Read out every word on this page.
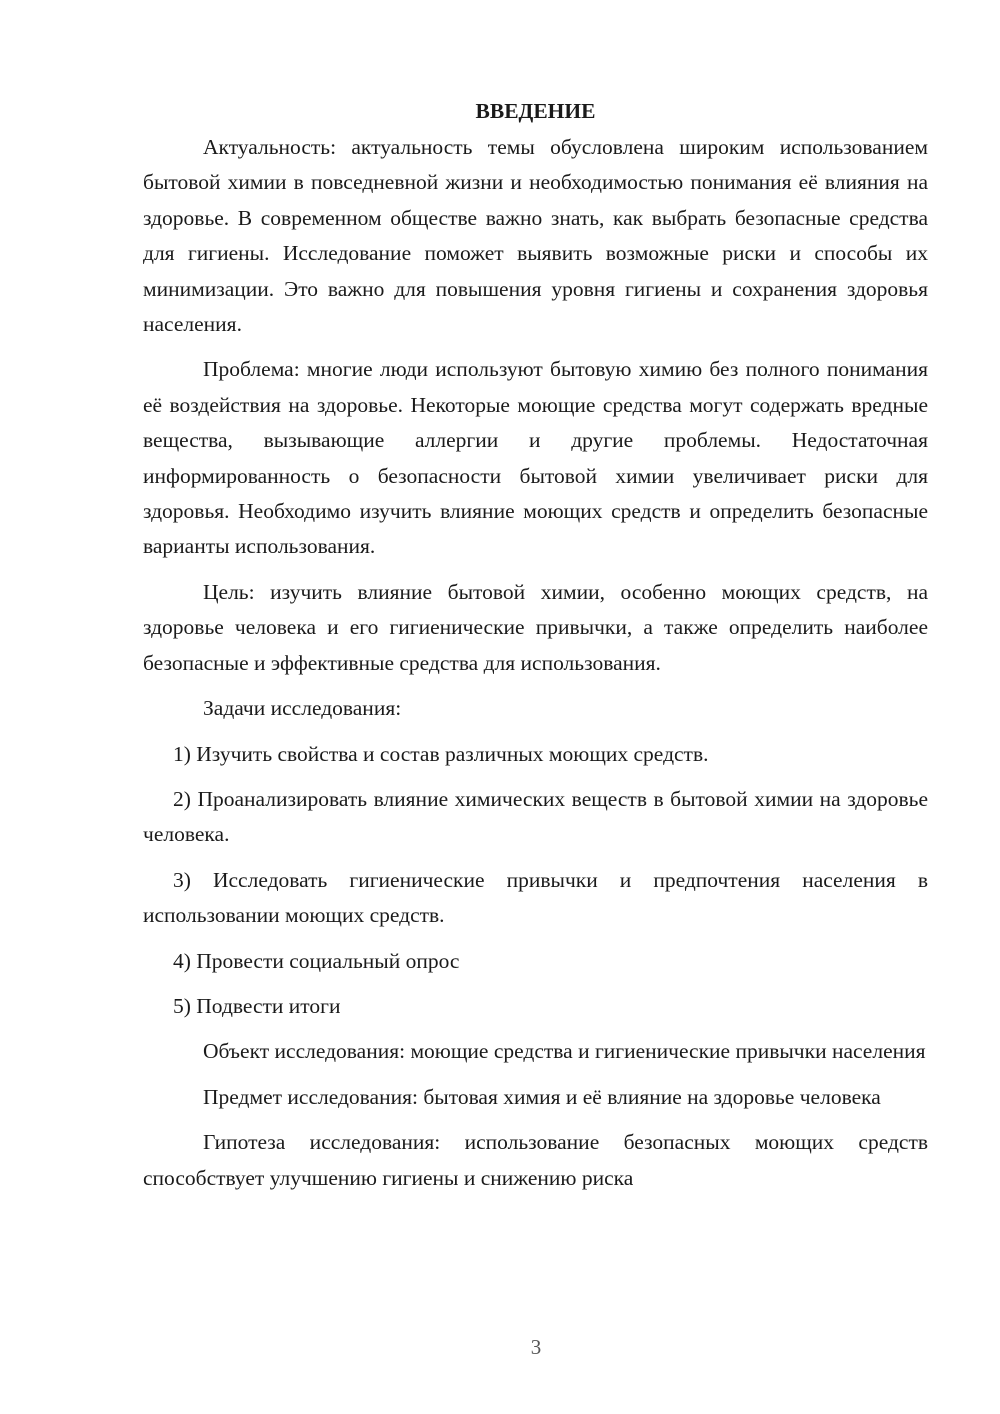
ВВЕДЕНИЕ

Актуальность: актуальность темы обусловлена широким использованием бытовой химии в повседневной жизни и необходимостью понимания её влияния на здоровье. В современном обществе важно знать, как выбрать безопасные средства для гигиены. Исследование поможет выявить возможные риски и способы их минимизации. Это важно для повышения уровня гигиены и сохранения здоровья населения.

Проблема: многие люди используют бытовую химию без полного понимания её воздействия на здоровье. Некоторые моющие средства могут содержать вредные вещества, вызывающие аллергии и другие проблемы. Недостаточная информированность о безопасности бытовой химии увеличивает риски для здоровья. Необходимо изучить влияние моющих средств и определить безопасные варианты использования.

Цель: изучить влияние бытовой химии, особенно моющих средств, на здоровье человека и его гигиенические привычки, а также определить наиболее безопасные и эффективные средства для использования.

Задачи исследования:

1) Изучить свойства и состав различных моющих средств.

2) Проанализировать влияние химических веществ в бытовой химии на здоровье человека.

3) Исследовать гигиенические привычки и предпочтения населения в использовании моющих средств.

4) Провести социальный опрос

5) Подвести итоги

Объект исследования: моющие средства и гигиенические привычки населения

Предмет исследования: бытовая химия и её влияние на здоровье человека

Гипотеза исследования: использование безопасных моющих средств способствует улучшению гигиены и снижению риска

3
